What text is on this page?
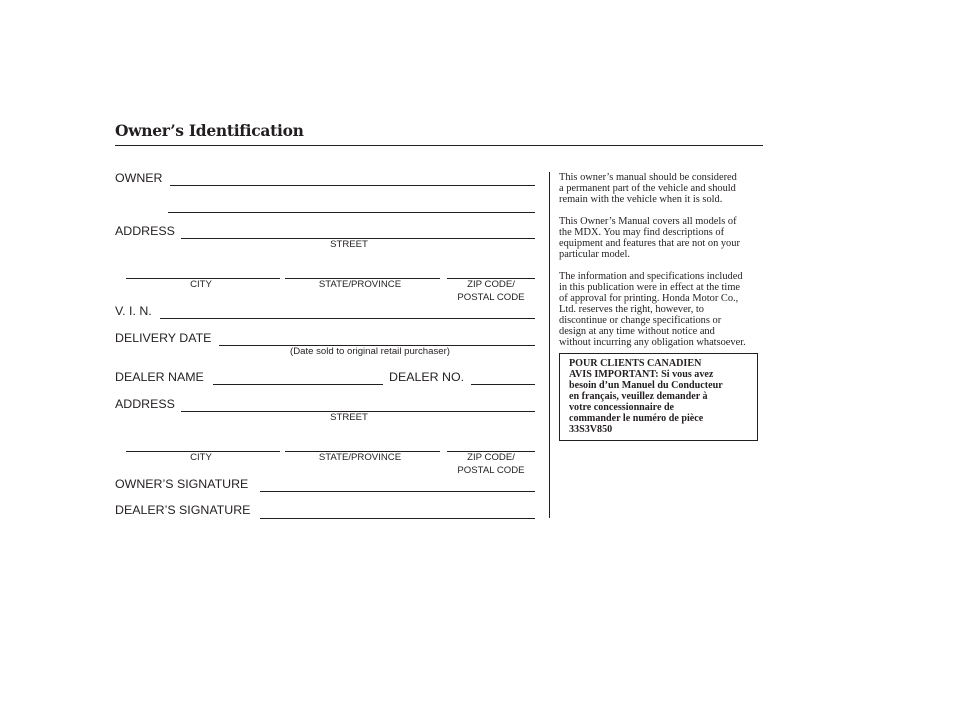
Owner’s Identification
OWNER
ADDRESS
STREET
CITY	STATE/PROVINCE	ZIP CODE/
POSTAL CODE
V. I. N.
DELIVERY DATE
(Date sold to original retail purchaser)
DEALER NAME	DEALER NO.
ADDRESS
STREET
CITY	STATE/PROVINCE	ZIP CODE/
POSTAL CODE
OWNER’S SIGNATURE
DEALER’S SIGNATURE
This owner’s manual should be considered
a permanent part of the vehicle and should
remain with the vehicle when it is sold.
This Owner’s Manual covers all models of
the MDX. You may find descriptions of
equipment and features that are not on your
particular model.
The information and specifications included
in this publication were in effect at the time
of approval for printing. Honda Motor Co.,
Ltd. reserves the right, however, to
discontinue or change specifications or
design at any time without notice and
without incurring any obligation whatsoever.
POUR CLIENTS CANADIEN
AVIS IMPORTANT: Si vous avez
besoin d’un Manuel du Conducteur
en français, veuillez demander à
votre concessionnaire de
commander le numéro de pièce
33S3V850
